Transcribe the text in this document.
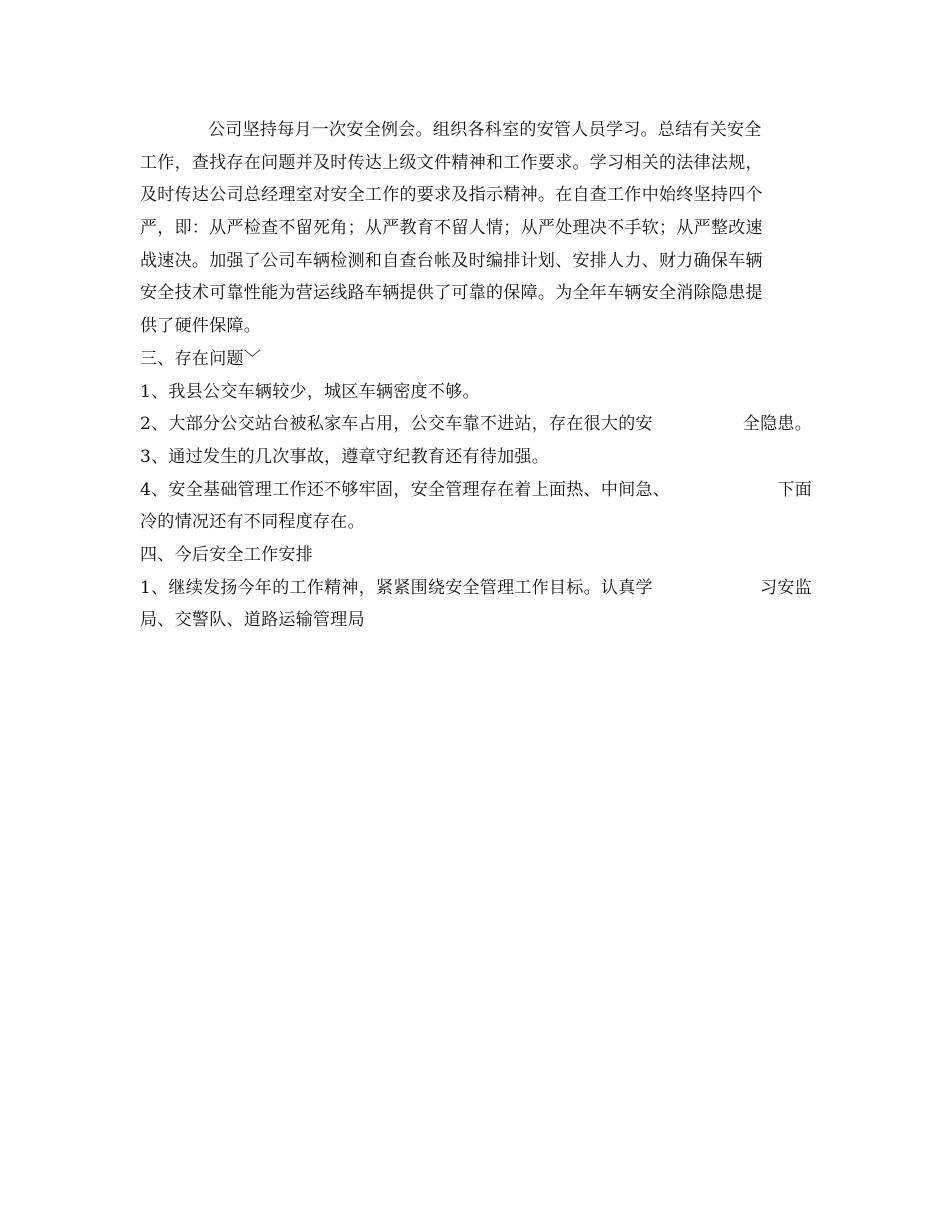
公司坚持每月一次安全例会。组织各科室的安管人员学习。总结有关安全
工作，查找存在问题并及时传达上级文件精神和工作要求。学习相关的法律法规，
及时传达公司总经理室对安全工作的要求及指示精神。在自查工作中始终坚持四个
严，即：从严检查不留死角；从严教育不留人情；从严处理决不手软；从严整改速
战速决。加强了公司车辆检测和自查台帐及时编排计划、安排人力、财力确保车辆
安全技术可靠性能为营运线路车辆提供了可靠的保障。为全年车辆安全消除隐患提
供了硬件保障。
三、存在问题﹀
1、我县公交车辆较少，城区车辆密度不够。
2、大部分公交站台被私家车占用，公交车靠不进站，存在很大的安	全隐患。
3、通过发生的几次事故，遵章守纪教育还有待加强。
4、安全基础管理工作还不够牢固，安全管理存在着上面热、中间急、	下面
冷的情况还有不同程度存在。
四、今后安全工作安排
1、继续发扬今年的工作精神，紧紧围绕安全管理工作目标。认真学	习安监
局、交警队、道路运输管理局
